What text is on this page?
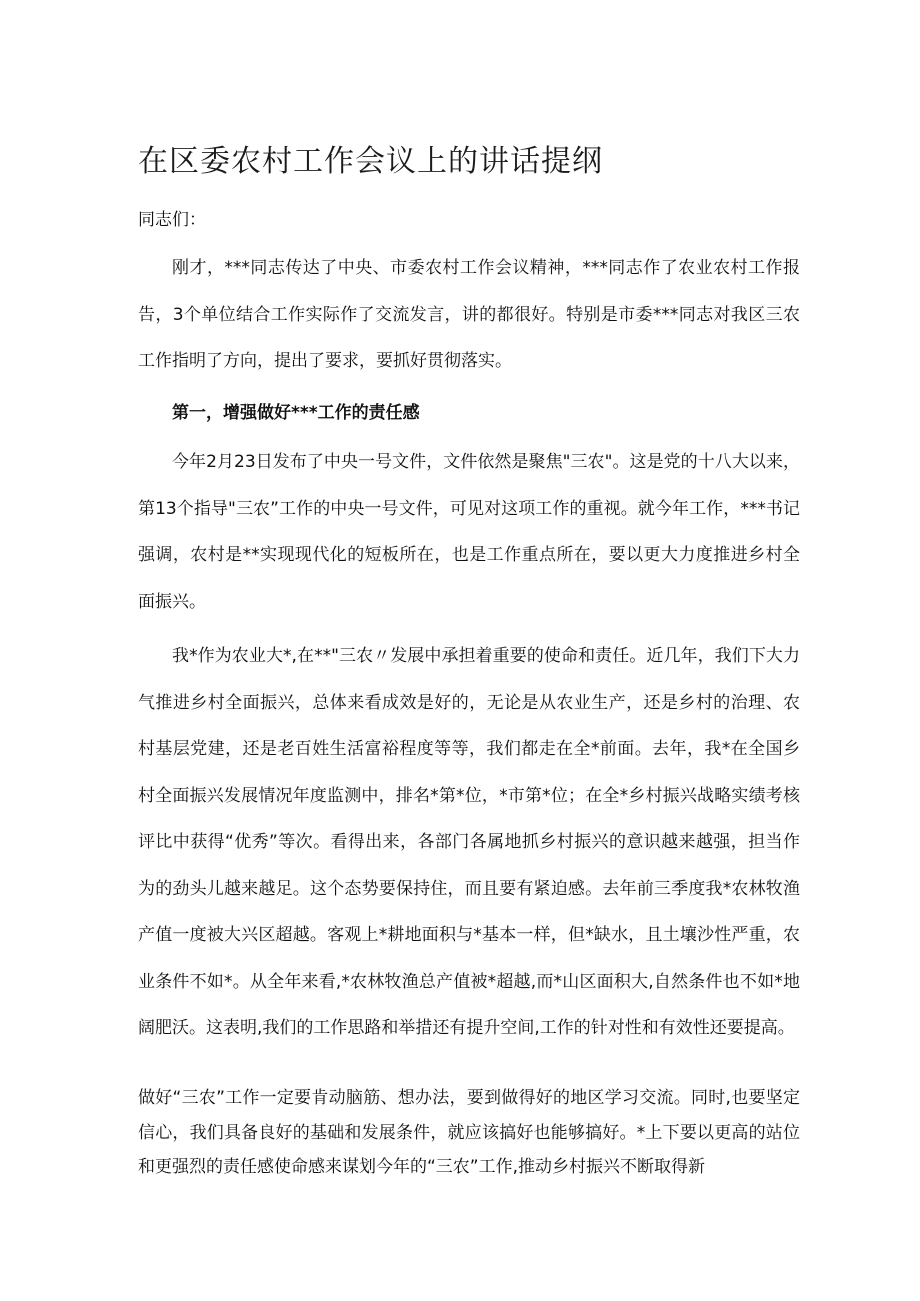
在区委农村工作会议上的讲话提纲

同志们：

刚才，***同志传达了中央、市委农村工作会议精神，***同志作了农业农村工作报告，3个单位结合工作实际作了交流发言，讲的都很好。特别是市委***同志对我区三农工作指明了方向，提出了要求，要抓好贯彻落实。

第一，增强做好***工作的责任感

今年2月23日发布了中央一号文件，文件依然是聚焦"三农"。这是党的十八大以来，第13个指导"三农”工作的中央一号文件，可见对这项工作的重视。就今年工作，***书记强调，农村是**实现现代化的短板所在，也是工作重点所在，要以更大力度推进乡村全面振兴。

我*作为农业大*,在**"三农〃发展中承担着重要的使命和责任。近几年，我们下大力气推进乡村全面振兴，总体来看成效是好的，无论是从农业生产，还是乡村的治理、农村基层党建，还是老百姓生活富裕程度等等，我们都走在全*前面。去年，我*在全国乡村全面振兴发展情况年度监测中，排名*第*位，*市第*位；在全*乡村振兴战略实绩考核评比中获得“优秀”等次。看得出来，各部门各属地抓乡村振兴的意识越来越强，担当作为的劲头儿越来越足。这个态势要保持住，而且要有紧迫感。去年前三季度我*农林牧渔产值一度被大兴区超越。客观上*耕地面积与*基本一样，但*缺水，且土壤沙性严重，农业条件不如*。从全年来看,*农林牧渔总产值被*超越,而*山区面积大,自然条件也不如*地阔肥沃。这表明,我们的工作思路和举措还有提升空间,工作的针对性和有效性还要提高。

做好“三农”工作一定要肯动脑筋、想办法，要到做得好的地区学习交流。同时,也要坚定信心，我们具备良好的基础和发展条件，就应该搞好也能够搞好。*上下要以更高的站位和更强烈的责任感使命感来谋划今年的“三农”工作,推动乡村振兴不断取得新
